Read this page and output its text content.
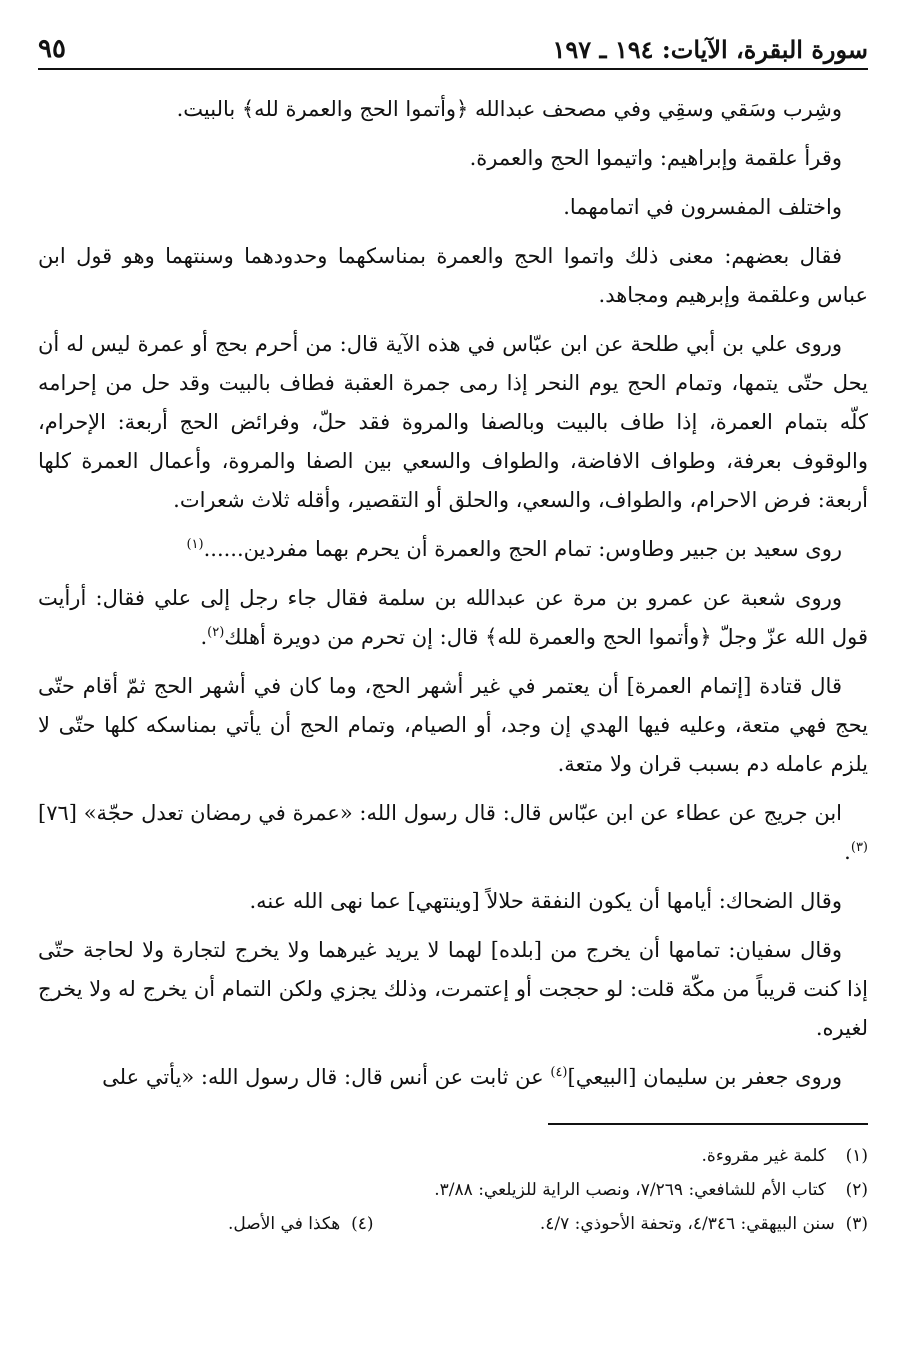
سورة البقرة، الآيات: ١٩٤ ـ ١٩٧
٩٥

وشِرب وسَقي وسقِي وفي مصحف عبدالله ﴿وأتموا الحج والعمرة لله﴾ بالبيت.

وقرأ علقمة وإبراهيم: واتيموا الحج والعمرة.

واختلف المفسرون في اتمامهما.

فقال بعضهم: معنى ذلك واتموا الحج والعمرة بمناسكهما وحدودهما وسنتهما وهو قول ابن عباس وعلقمة وإبرهيم ومجاهد.

وروى علي بن أبي طلحة عن ابن عبّاس في هذه الآية قال: من أحرم بحج أو عمرة ليس له أن يحل حتّى يتمها، وتمام الحج يوم النحر إذا رمى جمرة العقبة فطاف بالبيت وقد حل من إحرامه كلّه بتمام العمرة، إذا طاف بالبيت وبالصفا والمروة فقد حلّ، وفرائض الحج أربعة: الإحرام، والوقوف بعرفة، وطواف الافاضة، والطواف والسعي بين الصفا والمروة، وأعمال العمرة كلها أربعة: فرض الاحرام، والطواف، والسعي، والحلق أو التقصير، وأقله ثلاث شعرات.

روى سعيد بن جبير وطاوس: تمام الحج والعمرة أن يحرم بهما مفردين......$^{(١)}$

وروى شعبة عن عمرو بن مرة عن عبدالله بن سلمة فقال جاء رجل إلى علي فقال: أرأيت قول الله عزّ وجلّ ﴿وأتموا الحج والعمرة لله﴾ قال: إن تحرم من دويرة أهلك$^{(٢)}$.

قال قتادة [إتمام العمرة] أن يعتمر في غير أشهر الحج، وما كان في أشهر الحج ثمّ أقام حتّى يحج فهي متعة، وعليه فيها الهدي إن وجد، أو الصيام، وتمام الحج أن يأتي بمناسكه كلها حتّى لا يلزم عامله دم بسبب قران ولا متعة.

ابن جريج عن عطاء عن ابن عبّاس قال: قال رسول الله: «عمرة في رمضان تعدل حجّة» [٧٦]$^{(٣)}$.

وقال الضحاك: أيامها أن يكون النفقة حلالاً [وينتهي] عما نهى الله عنه.

وقال سفيان: تمامها أن يخرج من [بلده] لهما لا يريد غيرهما ولا يخرج لتجارة ولا لحاجة حتّى إذا كنت قريباً من مكّة قلت: لو حججت أو إعتمرت، وذلك يجزي ولكن التمام أن يخرج له ولا يخرج لغيره.

وروى جعفر بن سليمان [البيعي]$^{(٤)}$ عن ثابت عن أنس قال: قال رسول الله: «يأتي على

(١)
كلمة غير مقروءة.
(٢)
كتاب الأم للشافعي: ٧/٢٦٩، ونصب الراية للزيلعي: ٣/٨٨.
(٣)  سنن البيهقي: ٤/٣٤٦، وتحفة الأحوذي: ٤/٧.
(٤)  هكذا في الأصل.
